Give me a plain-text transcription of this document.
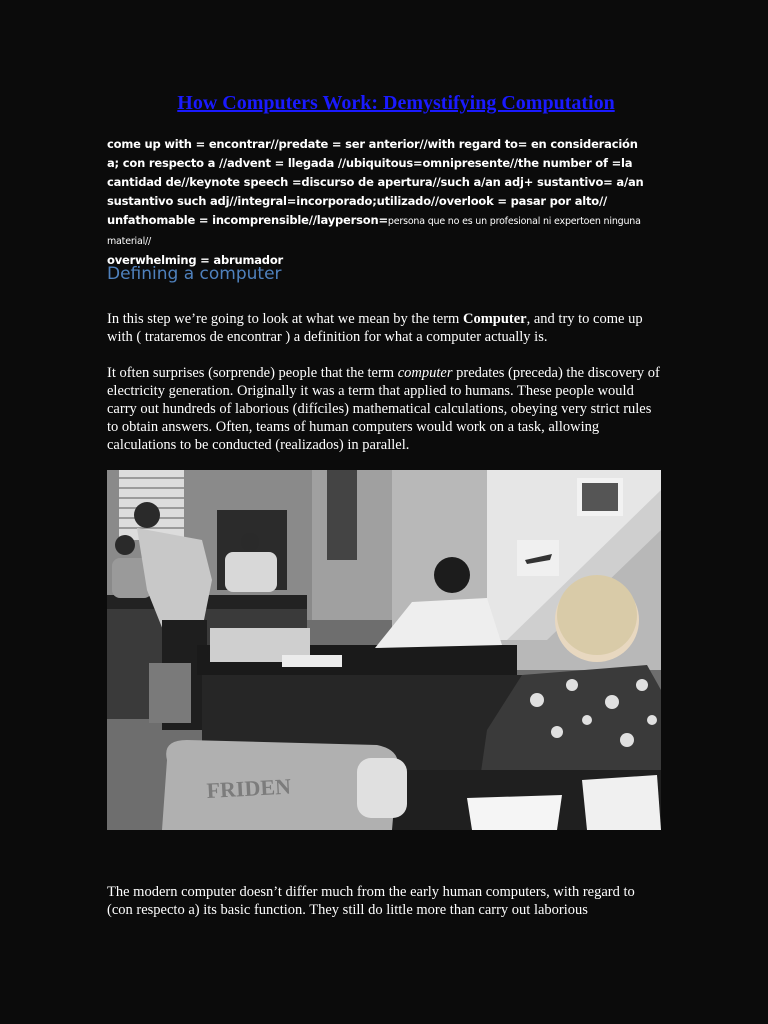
How Computers Work: Demystifying Computation

come up with = encontrar//predate = ser anterior//with regard to= en consideración a; con respecto a //advent = llegada //ubiquitous=omnipresente//the number of =la cantidad de//keynote speech =discurso de apertura//such a/an adj+ sustantivo= a/an sustantivo such adj//integral=incorporado;utilizado//overlook = pasar por alto// unfathomable = incomprensible//layperson=persona que no es un profesional ni expertoen ninguna material//
overwhelming = abrumador

Defining a computer

In this step we’re going to look at what we mean by the term Computer, and try to come up with ( trataremos de encontrar ) a definition for what a computer actually is.

It often surprises (sorprende) people that the term computer predates (preceda) the discovery of electricity generation. Originally it was a term that applied to humans. These people would carry out hundreds of laborious (difíciles) mathematical calculations, obeying very strict rules to obtain answers. Often, teams of human computers would work on a task, allowing calculations to be conducted (realizados) in parallel.

FRIDEN

The modern computer doesn’t differ much from the early human computers, with regard to (con respecto a) its basic function. They still do little more than carry out laborious
